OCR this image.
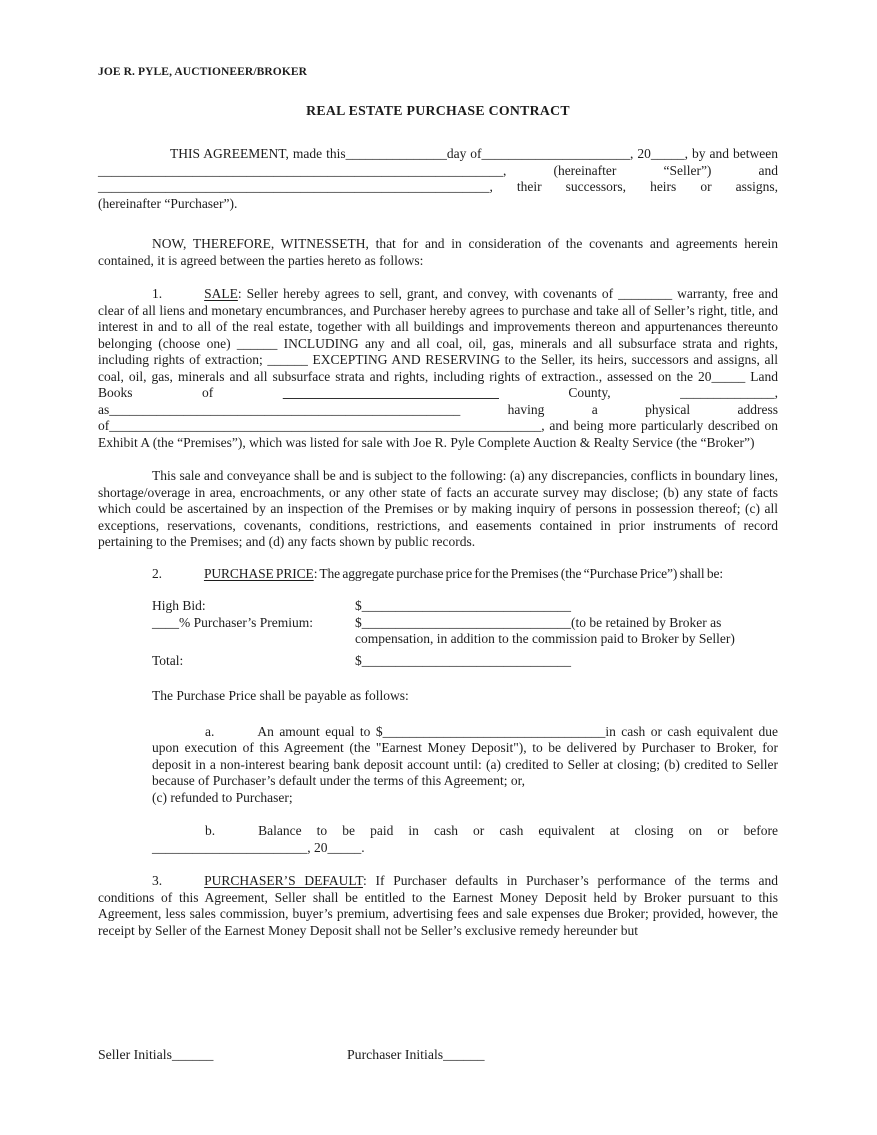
JOE R. PYLE, AUCTIONEER/BROKER
REAL ESTATE PURCHASE CONTRACT
THIS AGREEMENT, made this_______________day of______________________, 20_____, by and between
____________________________________________________________, (hereinafter “Seller”) and
__________________________________________________________, their successors, heirs or assigns,
(hereinafter “Purchaser”).

NOW, THEREFORE, WITNESSETH, that for and in consideration of the covenants and agreements herein contained, it is agreed between the parties hereto as follows:

1.	SALE: Seller hereby agrees to sell, grant, and convey, with covenants of ________ warranty, free and clear of all liens and monetary encumbrances, and Purchaser hereby agrees to purchase and take all of Seller’s right, title, and interest in and to all of the real estate, together with all buildings and improvements thereon and appurtenances thereunto belonging (choose one) ______ INCLUDING any and all coal, oil, gas, minerals and all subsurface strata and rights, including rights of extraction; ______ EXCEPTING AND RESERVING to the Seller, its heirs, successors and assigns, all coal, oil, gas, minerals and all subsurface strata and rights, including rights of extraction., assessed on the 20_____ Land Books of ________________________________ County, ______________, as____________________________________________________ having a physical address of________________________________________________________________, and being more particularly described on Exhibit A (the “Premises”), which was listed for sale with Joe R. Pyle Complete Auction & Realty Service (the “Broker”)

This sale and conveyance shall be and is subject to the following: (a) any discrepancies, conflicts in boundary lines, shortage/overage in area, encroachments, or any other state of facts an accurate survey may disclose; (b) any state of facts which could be ascertained by an inspection of the Premises or by making inquiry of persons in possession thereof; (c) all exceptions, reservations, covenants, conditions, restrictions, and easements contained in prior instruments of record pertaining to the Premises; and (d) any facts shown by public records.

2.	PURCHASE PRICE: The aggregate purchase price for the Premises (the “Purchase Price”) shall be:

High Bid:	$_______________________________
____% Purchaser’s Premium:	$_______________________________(to be retained by Broker as compensation, in addition to the commission paid to Broker by Seller)
Total:	$_______________________________

The Purchase Price shall be payable as follows:

a.	An amount equal to $_________________________________in cash or cash equivalent due upon execution of this Agreement (the "Earnest Money Deposit"), to be delivered by Purchaser to Broker, for deposit in a non-interest bearing bank deposit account until: (a) credited to Seller at closing; (b) credited to Seller because of Purchaser’s default under the terms of this Agreement; or,
(c) refunded to Purchaser;
b.	Balance to be paid in cash or cash equivalent at closing on or before
_______________________, 20_____.

3.	PURCHASER’S DEFAULT: If Purchaser defaults in Purchaser’s performance of the terms and conditions of this Agreement, Seller shall be entitled to the Earnest Money Deposit held by Broker pursuant to this Agreement, less sales commission, buyer’s premium, advertising fees and sale expenses due Broker; provided, however, the receipt by Seller of the Earnest Money Deposit shall not be Seller’s exclusive remedy hereunder but

Seller Initials______	Purchaser Initials______
